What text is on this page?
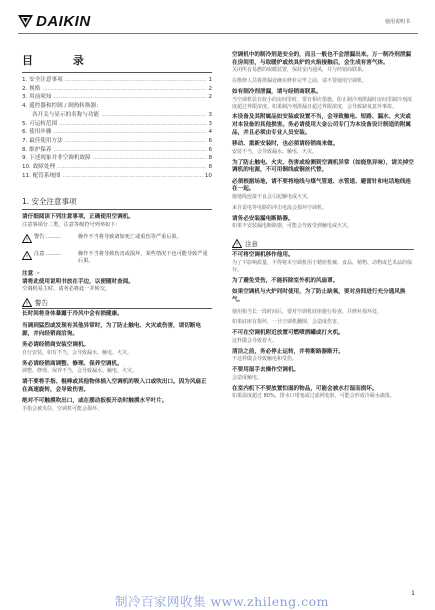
DAIKIN	使用说明书
目 录
1. 安全注意事项 .....	1
2. 规格 .....	2
3. 用前须知 .....	2
4. 遥控器和控制 / 制热转换器：
各开关与显示的名称与功能 .....	3
5. 可运转范围 .....	3
6. 使用步骤 .....	4
7. 最佳使用方法 .....	6
8. 维护保养 .....	6
9. 下述现象并非空调机故障 .....	8
10. 故障处理 .....	8
11. 配管系统图 .....	10
1. 安全注意事项
请仔细阅读下列注意事项，正确使用空调机。
注意事项分二类，注意等级符号列举如下：
!
警告 .........	操作不当将导致诸如死亡或重伤等严重后果。
!
注意 .........	操作不当将导致伤害或损坏，某些情况下也可能导致严重后果。
注意 ☞
请将此使用说明书放在手边，以便随时查阅。
空调机易主时，请务必将此一并转交。
! 警告
长时间将身体暴露于冷风中会有损健康。
当调到猛烈或发现有其他异常时，为了防止触电、火灾或伤害，请切断电源，并向经销商洽询。
务必请经销商安装空调机。
自行安装，如有不当，会导致漏水、触电、火灾。
务必请经销商调整、修理、保养空调机。
调整、修理、保养不当，会导致漏水、触电、火灾。
请不要将手指、棍棒或其他物体插入空调机的吸入口或吹出口。因为风扇正在高速旋转，会导致伤害。
绝对不可触摸吹出口，或在摆动扳板开动时触摸水平叶片。
手指会被夹住，空调机可能会损坏。
空调机中的制冷剂是安全的，而且一般也不会泄漏出来。万一制冷剂泄漏在房间里，与取暖炉或炊具炉的火焰接触后，会生成有害气体。
关闭所有易燃的取暖装置，保持室内通风，并与经销商联系。
在维修人员将泄漏处确实修补完毕之前，请不要使用空调机。
如有制冷剂泄漏，请与经销商联系。
当空调机装在较小的房间里时，要有相应措施，防止制冷剂泄漏时房间里制冷剂浓度超过界限浓度。如果制冷剂泄漏且超过界限浓度，会导致缺氧意外事故。
本设备及其附属品如安装或设置不当，会导致触电、短路、漏水、火灾或对本设备的其他损害。务必请使用大金公司专门为本设备设计制造的附属品，并且必须由专业人员安装。
移动、重新安装时，也必须请经销商来做。
安装不当，会导致漏水、触电、火灾。
为了防止触电、火灾、伤害或检测到空调机异常（如烧焦异味），请关掉空调机的电源，不可用铜线或铜丝代替。
必须根据场地，请不要将地线与煤气管道、水管道、避雷针和电话地线连在一起。
接地线连接不良会引起触电或火灾。
来自雷电等电路的冲击电流会损坏空调机。
请务必安装漏电断路器。
如果不安装漏电断路器，可能会导致受到触电或火灾。
! 注意
不可将空调机移作他用。
为了不影响质量，不得将本空调机用于精密机械、食品、植物、动物或艺术品的保存。
为了避免受伤，不能拆除室外机的风扇罩。
如果空调机与火炉同时使用，为了防止缺氧，要对房间进行充分通风换气。
使用相当长一段时间后，要对空调机底座施行检查，并修补损坏处。
如果底座有损坏，一旦空调机翻倒，会造成伤害。
不可在空调机附近放置可燃喷洒罐或打火机。
这样做会导致着火。
清洁之前，务必停止运转，并将断路器断开。
不这样做会导致触电和受伤。
不要用湿手去操作空调机。
会造成触电。
在室内机下不要放置怕湿的物品，可能会被水打湿而损坏。
如果湿度超过 80%，排水口堵塞或过滤网变脏，可能会形成冷凝水滴落。
1
制冷百家网收集 www.zhileng.com
